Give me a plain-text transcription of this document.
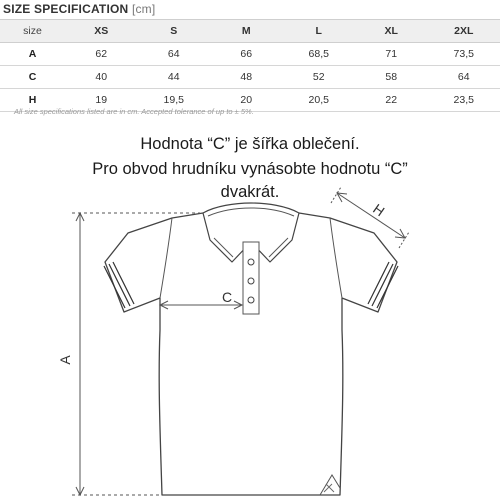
SIZE SPECIFICATION [cm]
size	XS	S	M	L	XL	2XL
A	62	64	66	68,5	71	73,5
C	40	44	48	52	58	64
H	19	19,5	20	20,5	22	23,5
All size specifications listed are in cm. Accepted tolerance of up to ± 5%.
Hodnota “C” je šířka oblečení.
Pro obvod hrudníku vynásobte hodnotu “C”
dvakrát.
A
C
H
